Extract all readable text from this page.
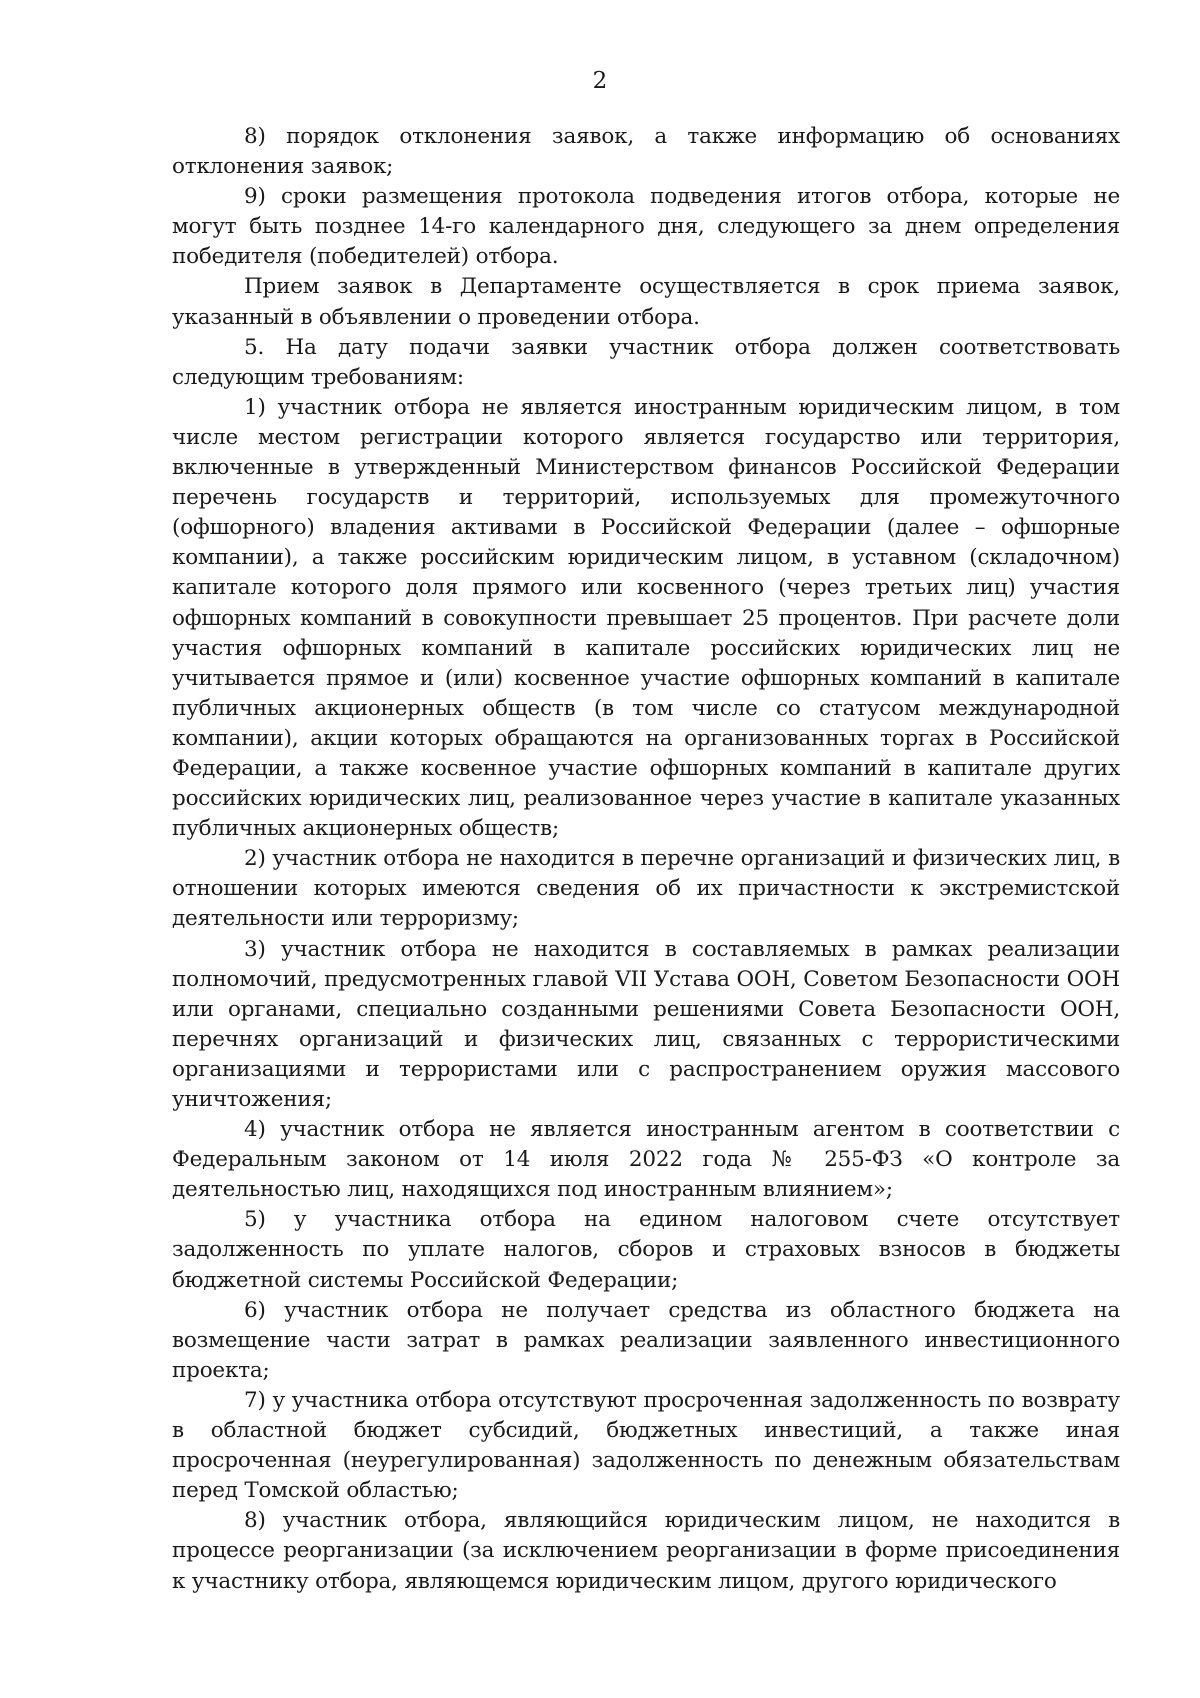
2

8) порядок отклонения заявок, а также информацию об основаниях отклонения заявок;

9) сроки размещения протокола подведения итогов отбора, которые не могут быть позднее 14-го календарного дня, следующего за днем определения победителя (победителей) отбора.

Прием заявок в Департаменте осуществляется в срок приема заявок, указанный в объявлении о проведении отбора.

5. На дату подачи заявки участник отбора должен соответствовать следующим требованиям:

1) участник отбора не является иностранным юридическим лицом, в том числе местом регистрации которого является государство или территория, включенные в утвержденный Министерством финансов Российской Федерации перечень государств и территорий, используемых для промежуточного (офшорного) владения активами в Российской Федерации (далее – офшорные компании), а также российским юридическим лицом, в уставном (складочном) капитале которого доля прямого или косвенного (через третьих лиц) участия офшорных компаний в совокупности превышает 25 процентов. При расчете доли участия офшорных компаний в капитале российских юридических лиц не учитывается прямое и (или) косвенное участие офшорных компаний в капитале публичных акционерных обществ (в том числе со статусом международной компании), акции которых обращаются на организованных торгах в Российской Федерации, а также косвенное участие офшорных компаний в капитале других российских юридических лиц, реализованное через участие в капитале указанных публичных акционерных обществ;

2) участник отбора не находится в перечне организаций и физических лиц, в отношении которых имеются сведения об их причастности к экстремистской деятельности или терроризму;

3) участник отбора не находится в составляемых в рамках реализации полномочий, предусмотренных главой VII Устава ООН, Советом Безопасности ООН или органами, специально созданными решениями Совета Безопасности ООН, перечнях организаций и физических лиц, связанных с террористическими организациями и террористами или с распространением оружия массового уничтожения;

4) участник отбора не является иностранным агентом в соответствии с Федеральным законом от 14 июля 2022 года № 255-ФЗ «О контроле за деятельностью лиц, находящихся под иностранным влиянием»;

5) у участника отбора на едином налоговом счете отсутствует задолженность по уплате налогов, сборов и страховых взносов в бюджеты бюджетной системы Российской Федерации;

6) участник отбора не получает средства из областного бюджета на возмещение части затрат в рамках реализации заявленного инвестиционного проекта;

7) у участника отбора отсутствуют просроченная задолженность по возврату в областной бюджет субсидий, бюджетных инвестиций, а также иная просроченная (неурегулированная) задолженность по денежным обязательствам перед Томской областью;

8) участник отбора, являющийся юридическим лицом, не находится в процессе реорганизации (за исключением реорганизации в форме присоединения к участнику отбора, являющемся юридическим лицом, другого юридического
